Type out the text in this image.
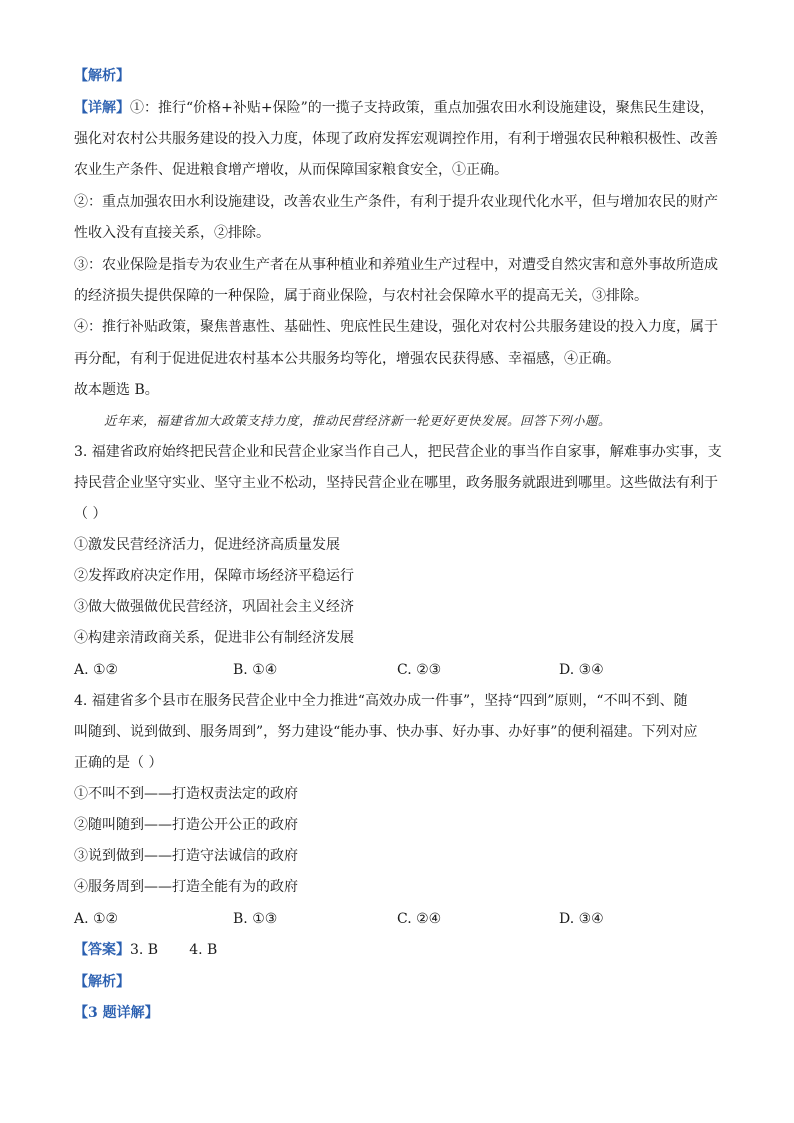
【解析】
【详解】①：推行“价格+补贴+保险”的一揽子支持政策，重点加强农田水利设施建设，聚焦民生建设，
强化对农村公共服务建设的投入力度，体现了政府发挥宏观调控作用，有利于增强农民种粮积极性、改善
农业生产条件、促进粮食增产增收，从而保障国家粮食安全，①正确。
②：重点加强农田水利设施建设，改善农业生产条件，有利于提升农业现代化水平，但与增加农民的财产
性收入没有直接关系，②排除。
③：农业保险是指专为农业生产者在从事种植业和养殖业生产过程中，对遭受自然灾害和意外事故所造成
的经济损失提供保障的一种保险，属于商业保险，与农村社会保障水平的提高无关，③排除。
④：推行补贴政策，聚焦普惠性、基础性、兜底性民生建设，强化对农村公共服务建设的投入力度，属于
再分配，有利于促进促进农村基本公共服务均等化，增强农民获得感、幸福感，④正确。
故本题选 B。
近年来，福建省加大政策支持力度，推动民营经济新一轮更好更快发展。回答下列小题。
3. 福建省政府始终把民营企业和民营企业家当作自己人，把民营企业的事当作自家事，解难事办实事，支
持民营企业坚守实业、坚守主业不松动，坚持民营企业在哪里，政务服务就跟进到哪里。这些做法有利于
（ ）
①激发民营经济活力，促进经济高质量发展
②发挥政府决定作用，保障市场经济平稳运行
③做大做强做优民营经济，巩固社会主义经济
④构建亲清政商关系，促进非公有制经济发展
A. ①②	B. ①④	C. ②③	D. ③④
4. 福建省多个县市在服务民营企业中全力推进“高效办成一件事”，坚持“四到”原则，“不叫不到、随
叫随到、说到做到、服务周到”，努力建设“能办事、快办事、好办事、办好事”的便利福建。下列对应
正确的是（ ）
①不叫不到——打造权责法定的政府
②随叫随到——打造公开公正的政府
③说到做到——打造守法诚信的政府
④服务周到——打造全能有为的政府
A. ①②	B. ①③	C. ②④	D. ③④
【答案】3. B       4. B
【解析】
【3 题详解】
